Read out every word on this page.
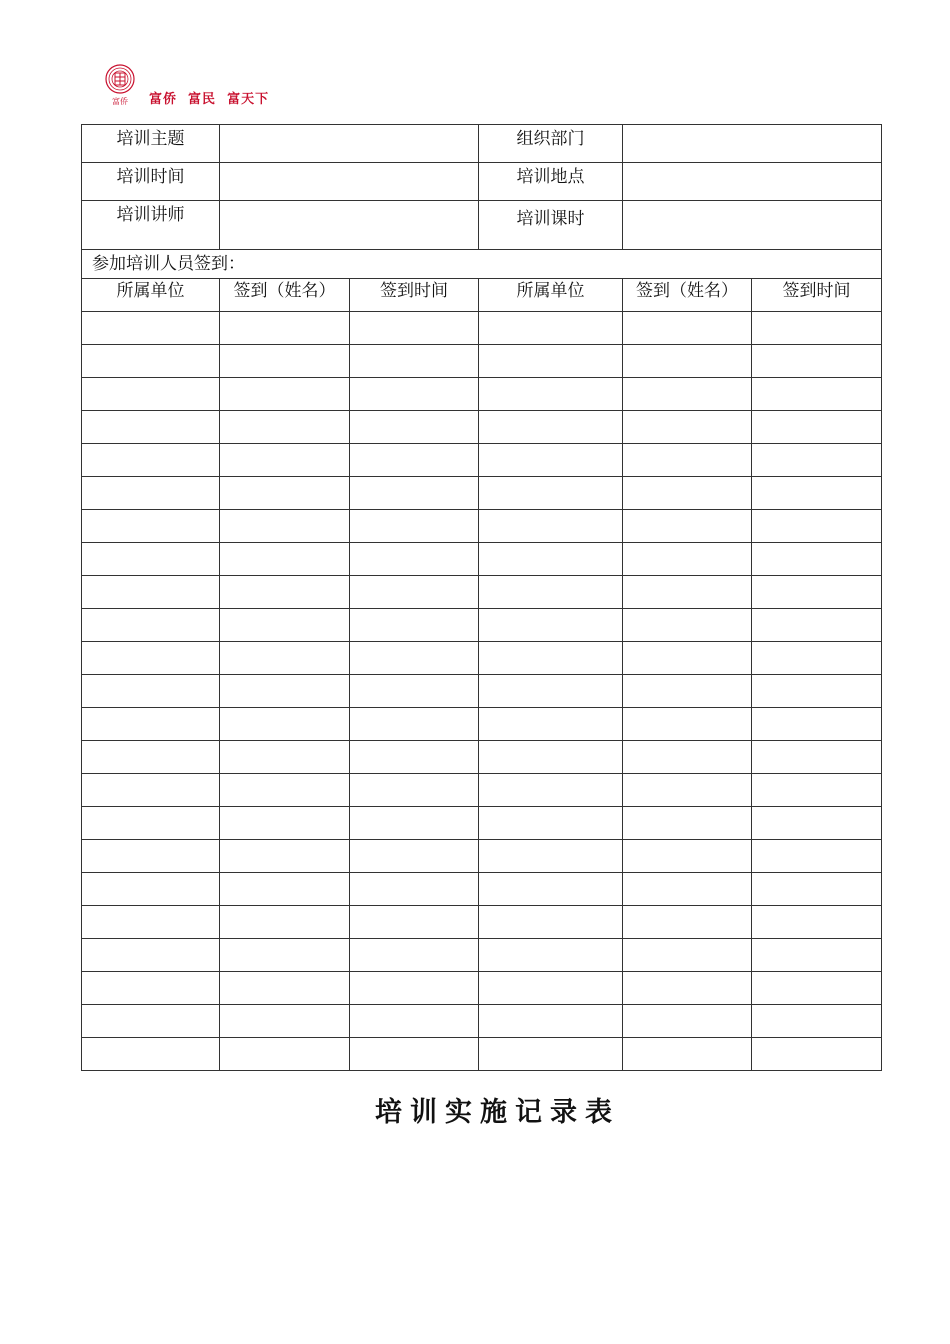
富侨 富侨  富民  富天下
培训主题			组织部门		
培训时间			培训地点		
培训讲师			培训课时		
参加培训人员签到：					
所属单位	签到（姓名）	签到时间	所属单位	签到（姓名）	签到时间

培训实施记录表
